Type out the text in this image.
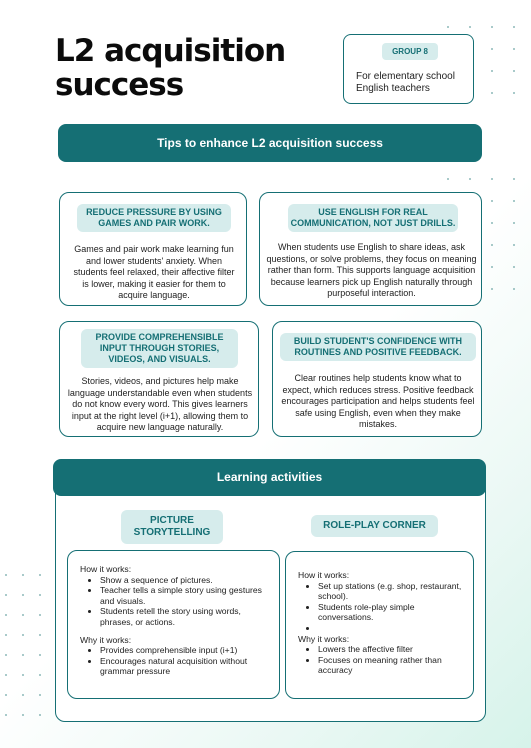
L2 acquisition success
GROUP 8
For elementary school English teachers
Tips to enhance L2 acquisition success
REDUCE PRESSURE BY USING GAMES AND PAIR WORK.
Games and pair work make learning fun and lower students' anxiety. When students feel relaxed, their affective filter is lower, making it easier for them to acquire language.
USE ENGLISH FOR REAL COMMUNICATION, NOT JUST DRILLS.
When students use English to share ideas, ask questions, or solve problems, they focus on meaning rather than form. This supports language acquisition because learners pick up English naturally through purposeful interaction.
PROVIDE COMPREHENSIBLE INPUT THROUGH STORIES, VIDEOS, AND VISUALS.
Stories, videos, and pictures help make language understandable even when students do not know every word. This gives learners input at the right level (i+1), allowing them to acquire new language naturally.
BUILD STUDENT'S CONFIDENCE WITH ROUTINES AND POSITIVE FEEDBACK.
Clear routines help students know what to expect, which reduces stress. Positive feedback encourages participation and helps students feel safe using English, even when they make mistakes.
Learning activities
PICTURE STORYTELLING
ROLE-PLAY CORNER

How it works:

• Show a sequence of pictures.
• Teacher tells a simple story using gestures and visuals.
• Students retell the story using words, phrases, or actions.

Why it works:

• Provides comprehensible input (i+1)
• Encourages natural acquisition without grammar pressure

How it works:

• Set up stations (e.g. shop, restaurant, school).
• Students role-play simple conversations.
•

Why it works:

• Lowers the affective filter
• Focuses on meaning rather than accuracy
